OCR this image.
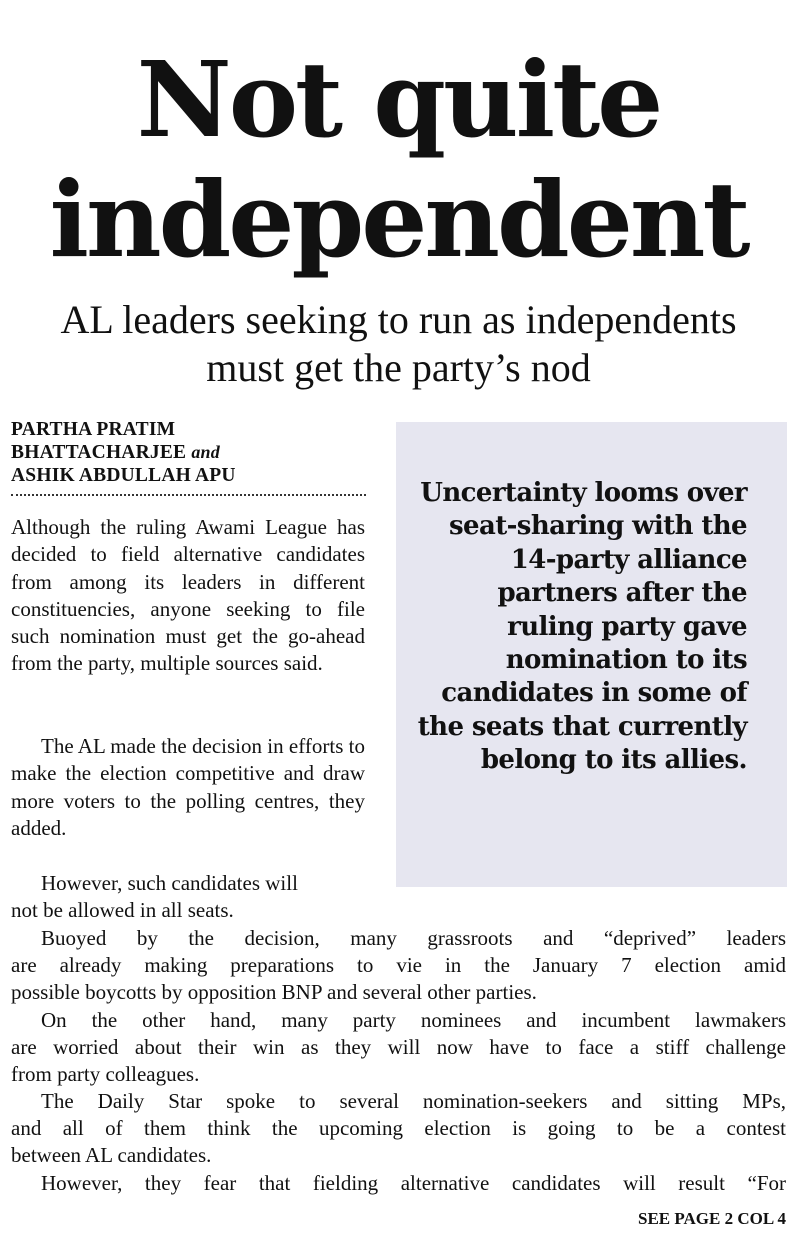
Not quite
independent
AL leaders seeking to run as independents
must get the party’s nod
PARTHA PRATIM
BHATTACHARJEE and
ASHIK ABDULLAH APU
Uncertainty looms over seat-sharing with the 14-party alliance partners after the ruling party gave nomination to its candidates in some of the seats that currently belong to its allies.
Although the ruling Awami League has decided to field alternative candidates from among its leaders in different constituencies, anyone seeking to file such nomination must get the go-ahead from the party, multiple sources said.
The AL made the decision in efforts to make the election competitive and draw more voters to the polling centres, they added.
However, such candidates will
not be allowed in all seats.
Buoyed by the decision, many grassroots and “deprived” leaders
are already making preparations to vie in the January 7 election amid
possible boycotts by opposition BNP and several other parties.
On the other hand, many party nominees and incumbent lawmakers
are worried about their win as they will now have to face a stiff challenge
from party colleagues.
The Daily Star spoke to several nomination-seekers and sitting MPs,
and all of them think the upcoming election is going to be a contest
between AL candidates.
However, they fear that fielding alternative candidates will result “For
SEE PAGE 2 COL 4
